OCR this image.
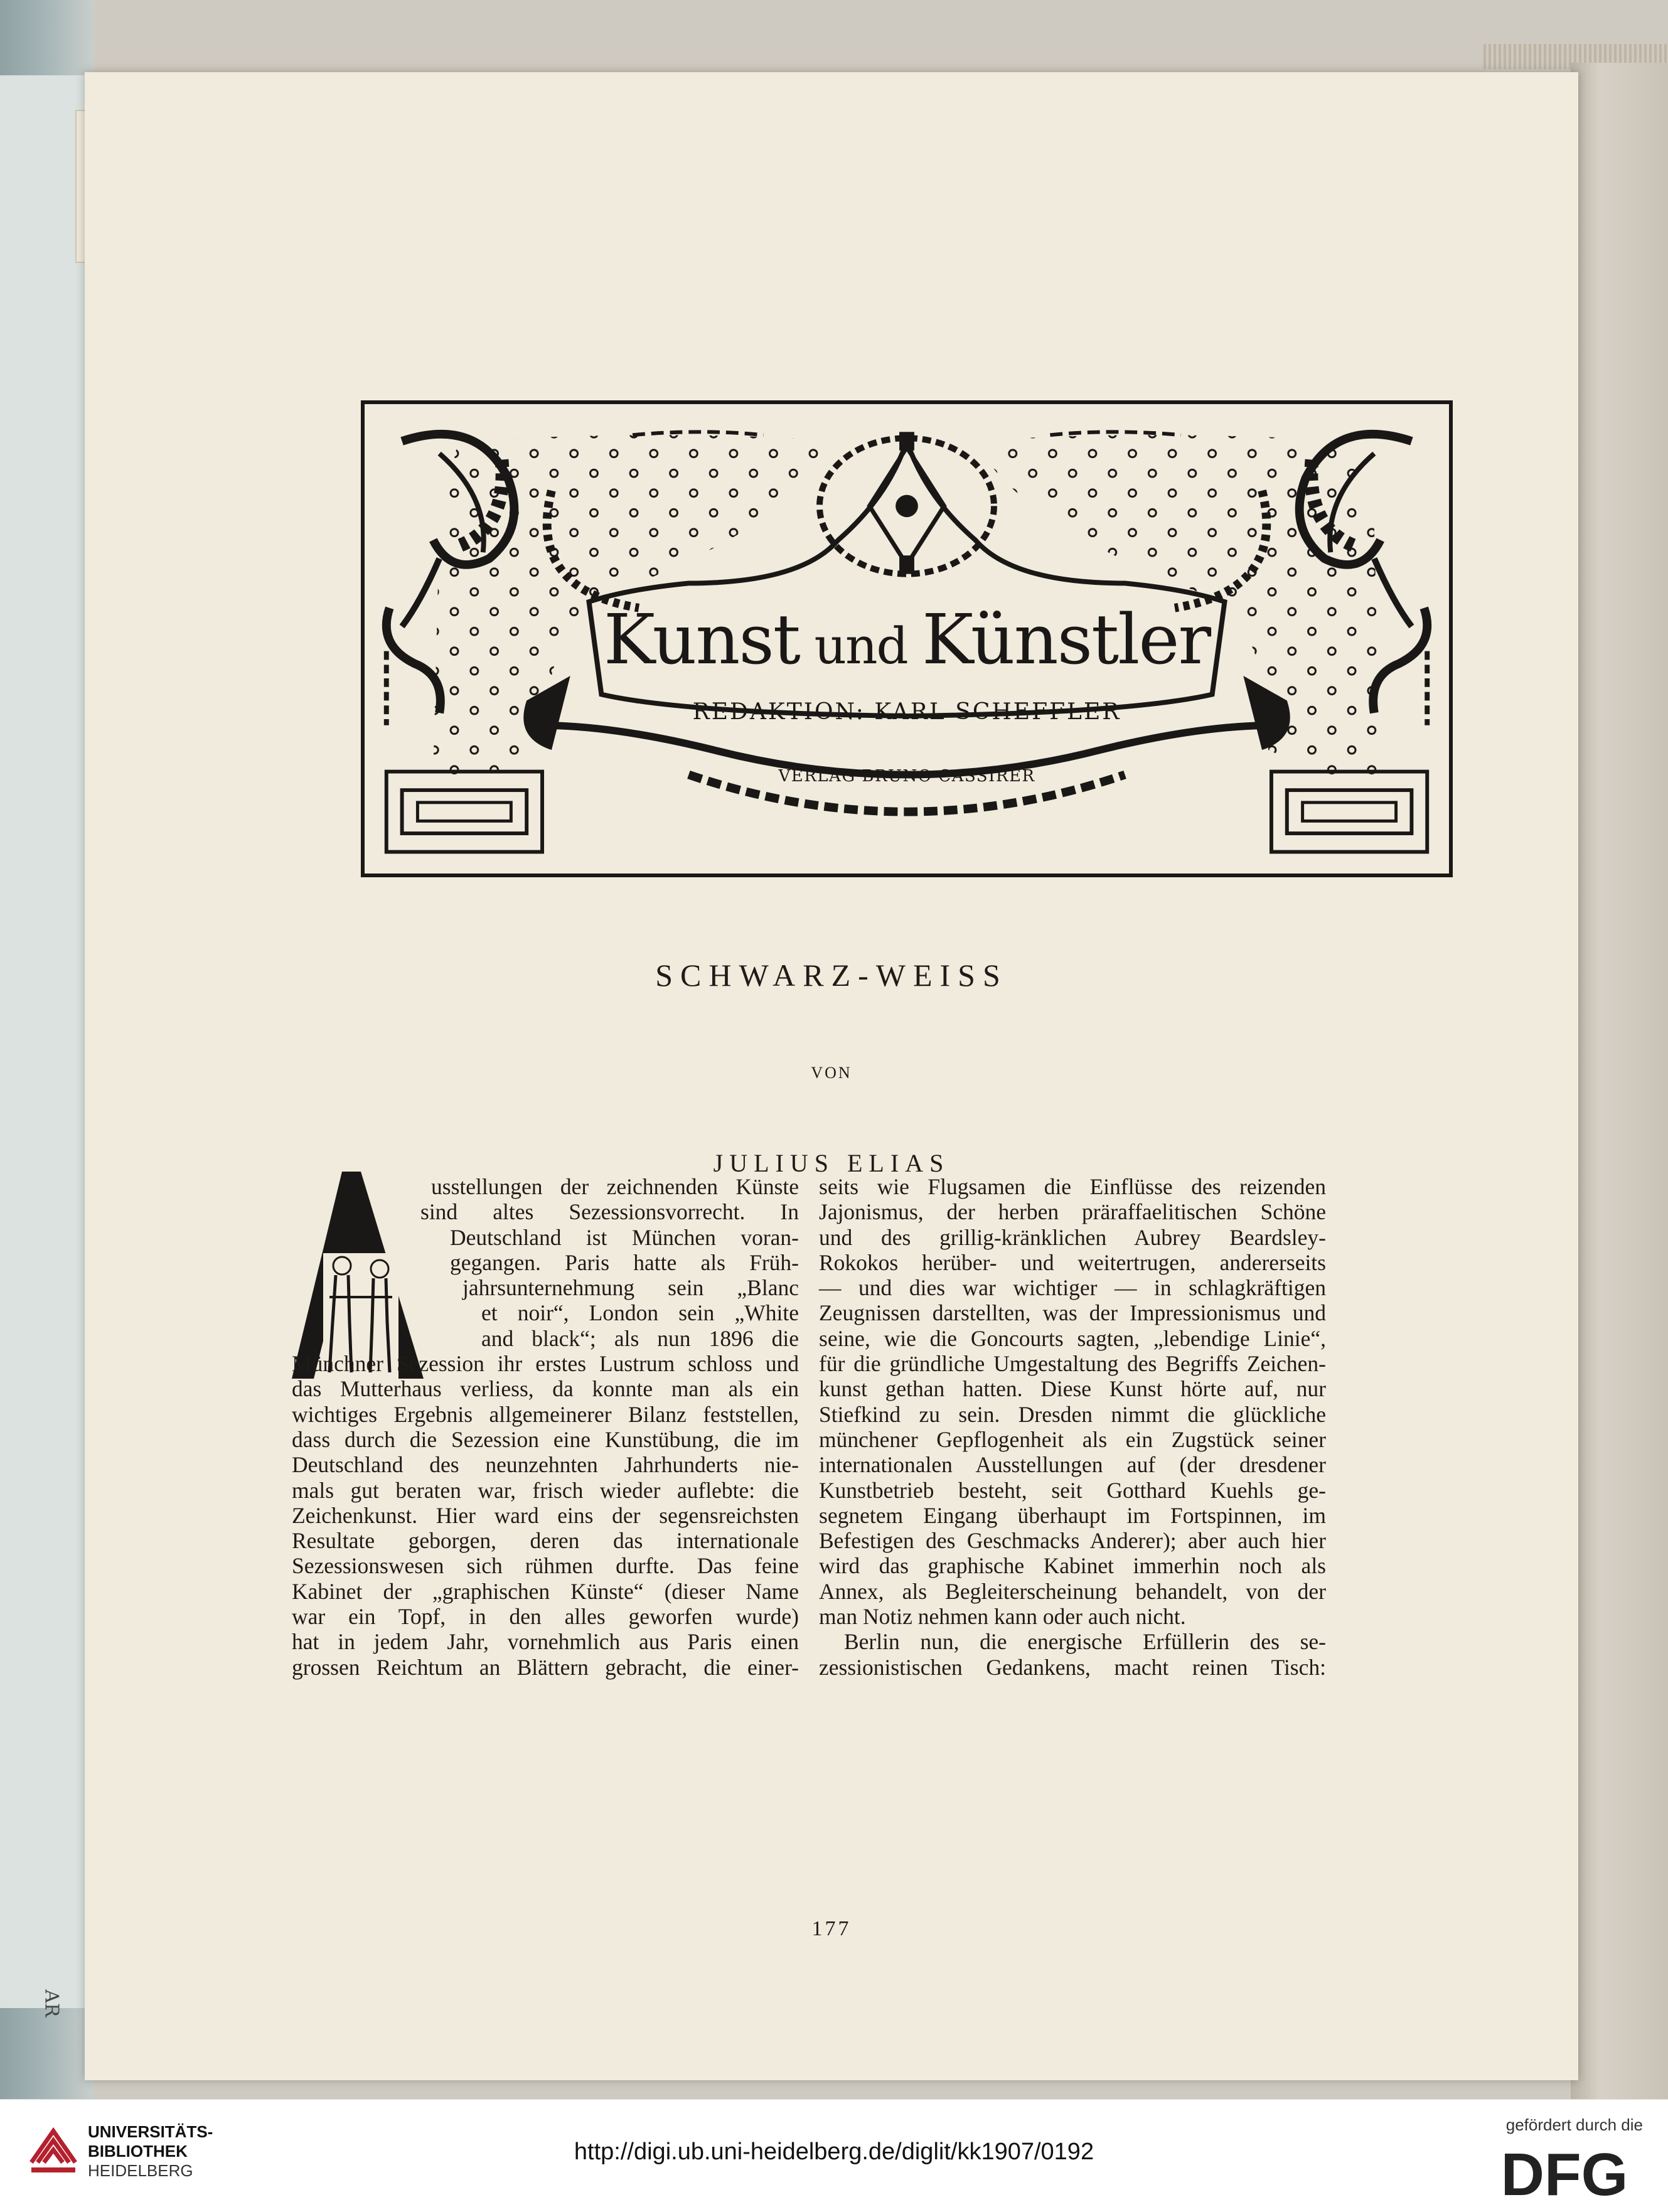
AR
Kunst und Künstler
REDAKTION: KARL SCHEFFLER
VERLAG BRUNO CASSIRER
SCHWARZ-WEISS
VON
JULIUS ELIAS
usstellungen der zeichnenden Künste
sind altes Sezessionsvorrecht. In
Deutschland ist München voran-
gegangen. Paris hatte als Früh-
jahrsunternehmung sein „Blanc
et noir“, London sein „White
and black“; als nun 1896 die
Münchner Sezession ihr erstes Lustrum schloss und
das Mutterhaus verliess, da konnte man als ein
wichtiges Ergebnis allgemeinerer Bilanz feststellen,
dass durch die Sezession eine Kunstübung, die im
Deutschland des neunzehnten Jahrhunderts nie-
mals gut beraten war, frisch wieder auflebte: die
Zeichenkunst. Hier ward eins der segensreichsten
Resultate geborgen, deren das internationale
Sezessionswesen sich rühmen durfte. Das feine
Kabinet der „graphischen Künste“ (dieser Name
war ein Topf, in den alles geworfen wurde)
hat in jedem Jahr, vornehmlich aus Paris einen
grossen Reichtum an Blättern gebracht, die einer-
seits wie Flugsamen die Einflüsse des reizenden
Jajonismus, der herben präraffaelitischen Schöne
und des grillig-kränklichen Aubrey Beardsley-
Rokokos herüber- und weitertrugen, andererseits
— und dies war wichtiger — in schlagkräftigen
Zeugnissen darstellten, was der Impressionismus und
seine, wie die Goncourts sagten, „lebendige Linie“,
für die gründliche Umgestaltung des Begriffs Zeichen-
kunst gethan hatten. Diese Kunst hörte auf, nur
Stiefkind zu sein. Dresden nimmt die glückliche
münchener Gepflogenheit als ein Zugstück seiner
internationalen Ausstellungen auf (der dresdener
Kunstbetrieb besteht, seit Gotthard Kuehls ge-
segnetem Eingang überhaupt im Fortspinnen, im
Befestigen des Geschmacks Anderer); aber auch hier
wird das graphische Kabinet immerhin noch als
Annex, als Begleiterscheinung behandelt, von der
man Notiz nehmen kann oder auch nicht.
Berlin nun, die energische Erfüllerin des se-
zessionistischen Gedankens, macht reinen Tisch:
177
UNIVERSITÄTS-
BIBLIOTHEK
HEIDELBERG
http://digi.ub.uni-heidelberg.de/diglit/kk1907/0192
gefördert durch die
DFG
